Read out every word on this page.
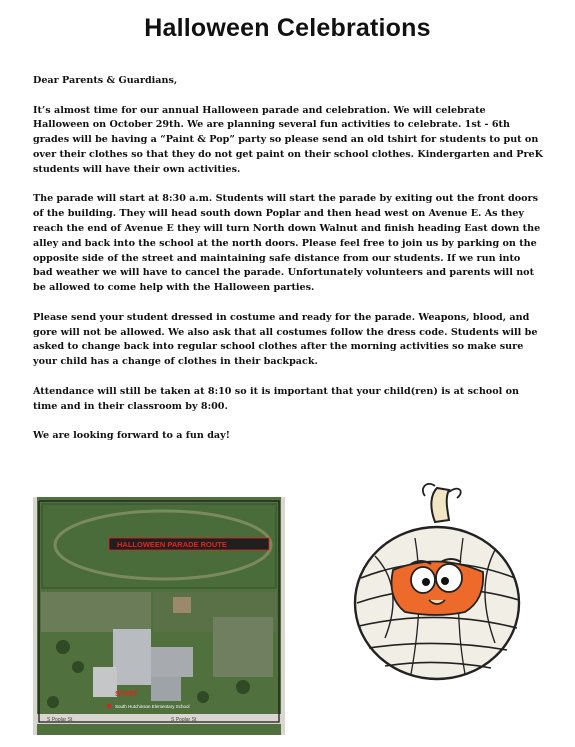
Halloween Celebrations

Dear Parents & Guardians,

It’s almost time for our annual Halloween parade and celebration. We will celebrate Halloween on October 29th. We are planning several fun activities to celebrate. 1st - 6th grades will be having a “Paint & Pop” party so please send an old tshirt for students to put on over their clothes so that they do not get paint on their school clothes. Kindergarten and PreK students will have their own activities.

The parade will start at 8:30 a.m. Students will start the parade by exiting out the front doors of the building. They will head south down Poplar and then head west on Avenue E. As they reach the end of Avenue E they will turn North down Walnut and finish heading East down the alley and back into the school at the north doors. Please feel free to join us by parking on the opposite side of the street and maintaining safe distance from our students. If we run into bad weather we will have to cancel the parade. Unfortunately volunteers and parents will not be allowed to come help with the Halloween parties.

Please send your student dressed in costume and ready for the parade. Weapons, blood, and gore will not be allowed. We also ask that all costumes follow the dress code. Students will be asked to change back into regular school clothes after the morning activities so make sure your child has a change of clothes in their backpack.

Attendance will still be taken at 8:10 so it is important that your child(ren) is at school on time and in their classroom by 8:00.

We are looking forward to a fun day!

HALLOWEEN PARADE ROUTE
START
South Hutchinson Elementary School
S Poplar St	S Poplar St
